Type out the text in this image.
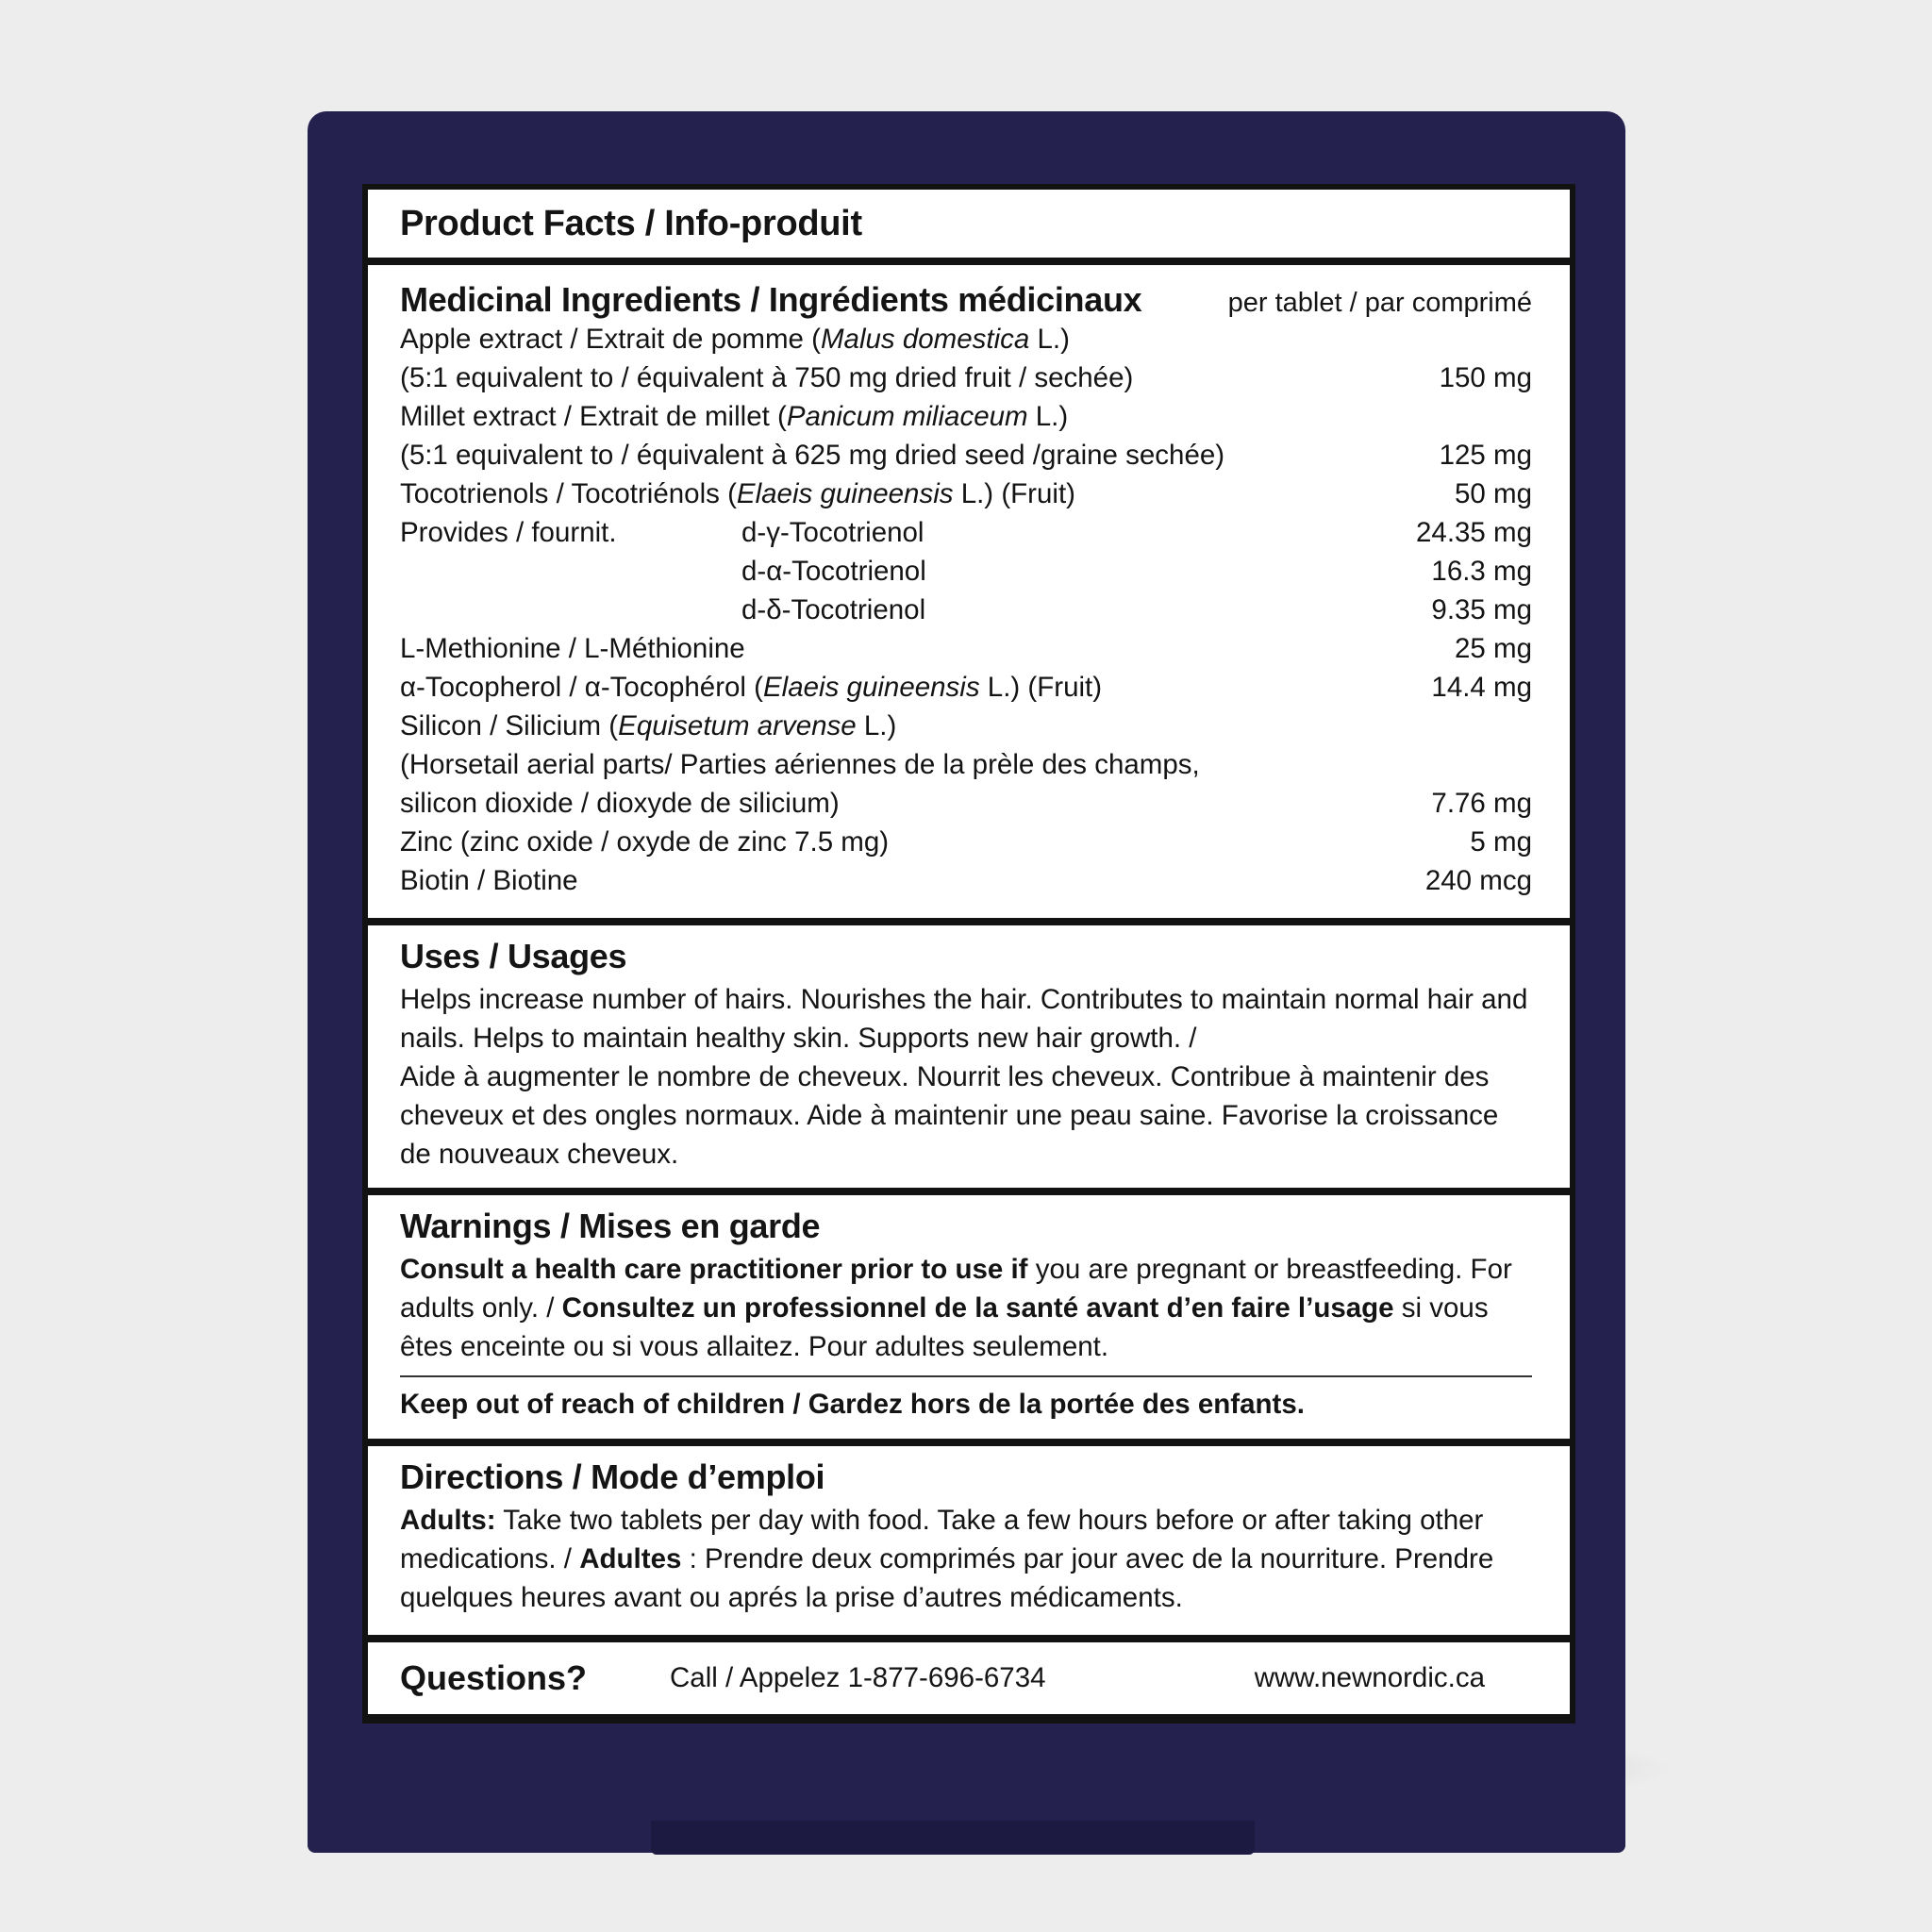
Product Facts / Info-produit
Medicinal Ingredients / Ingrédients médicinaux	per tablet / par comprimé
Apple extract / Extrait de pomme (Malus domestica L.)
(5:1 equivalent to / équivalent à 750 mg dried fruit / sechée)	150 mg
Millet extract / Extrait de millet (Panicum miliaceum L.)
(5:1 equivalent to / équivalent à 625 mg dried seed /graine sechée)	125 mg
Tocotrienols / Tocotriénols (Elaeis guineensis L.) (Fruit)	50 mg
Provides / fournit.	d-γ-Tocotrienol	24.35 mg
d-α-Tocotrienol	16.3 mg
d-δ-Tocotrienol	9.35 mg
L-Methionine / L-Méthionine	25 mg
α-Tocopherol / α-Tocophérol (Elaeis guineensis L.) (Fruit)	14.4 mg
Silicon / Silicium (Equisetum arvense L.)
(Horsetail aerial parts/ Parties aériennes de la prèle des champs,
silicon dioxide / dioxyde de silicium)	7.76 mg
Zinc (zinc oxide / oxyde de zinc 7.5 mg)	5 mg
Biotin / Biotine	240 mcg
Uses / Usages

Helps increase number of hairs. Nourishes the hair. Contributes to maintain normal hair and nails. Helps to maintain healthy skin. Supports new hair growth. /

Aide à augmenter le nombre de cheveux. Nourrit les cheveux. Contribue à maintenir des cheveux et des ongles normaux. Aide à maintenir une peau saine. Favorise la croissance de nouveaux cheveux.

Warnings / Mises en garde

Consult a health care practitioner prior to use if you are pregnant or breastfeeding. For adults only. / Consultez un professionnel de la santé avant d’en faire l’usage si vous êtes enceinte ou si vous allaitez. Pour adultes seulement.

Keep out of reach of children / Gardez hors de la portée des enfants.
Directions / Mode d’emploi

Adults: Take two tablets per day with food. Take a few hours before or after taking other medications. / Adultes : Prendre deux comprimés par jour avec de la nourriture. Prendre quelques heures avant ou aprés la prise d’autres médicaments.

Questions?	Call / Appelez 1-877-696-6734	www.newnordic.ca
